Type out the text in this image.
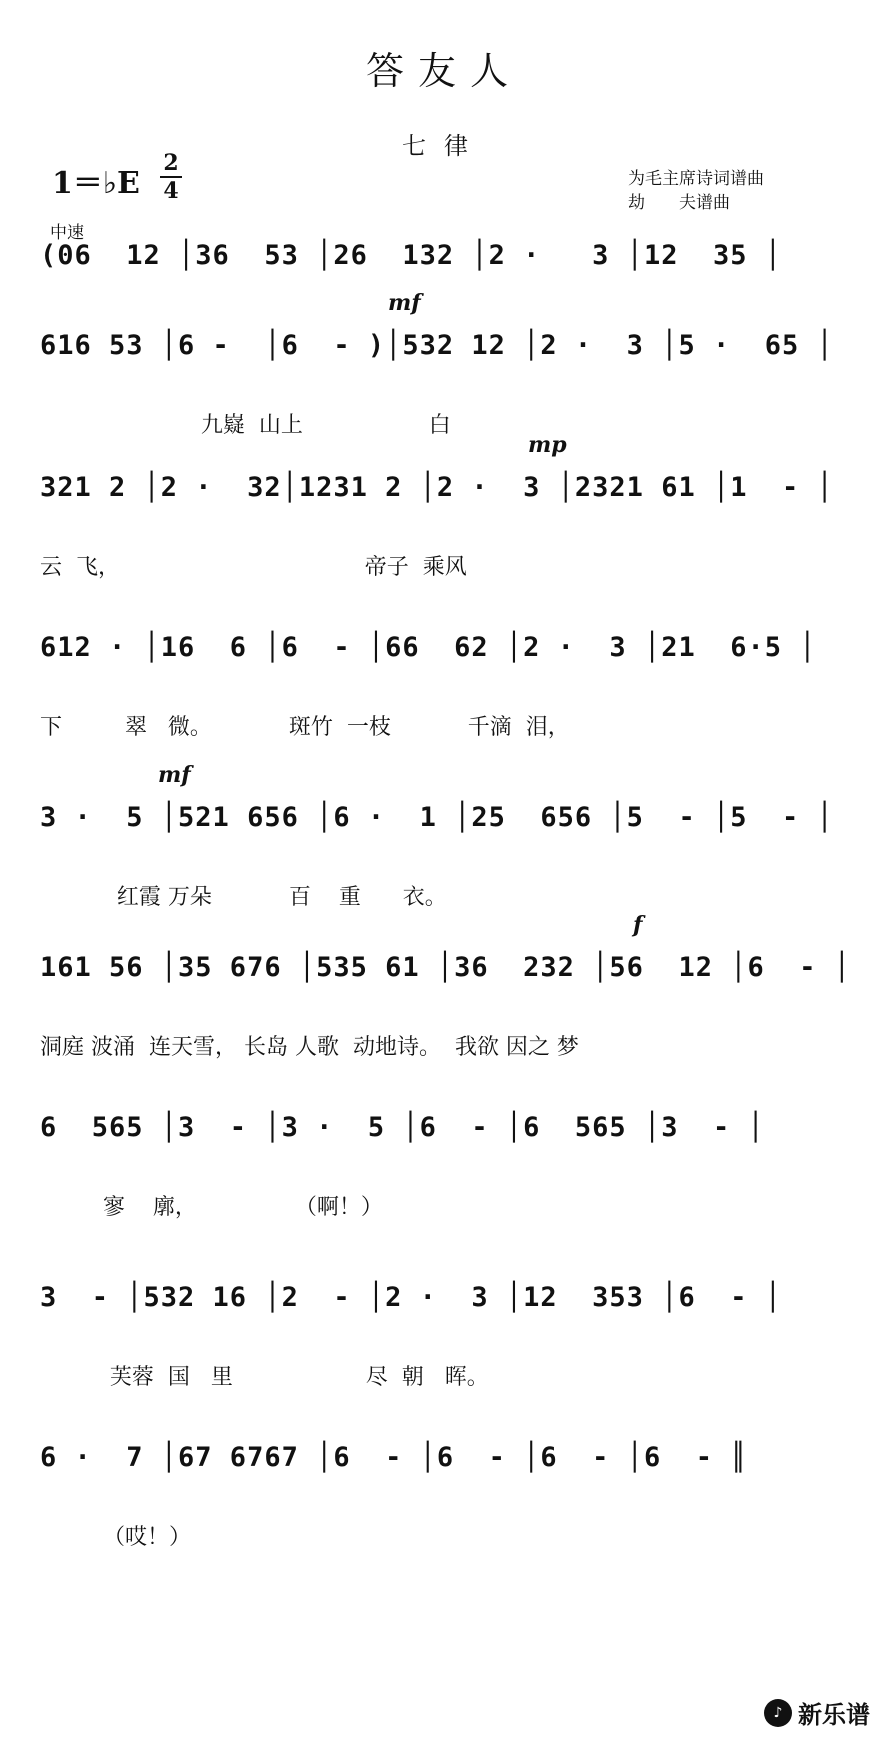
答友人
七律
1＝♭E
2
4	为毛主席诗词谱曲
劫　　夫谱曲
中速
(06  12 │36  53 │26  132 │2 ·   3 │12  35 │
mf
616 53 │6 -  │6  - )│532 12 │2 ·  3 │5 ·  65 │
九嶷  山上                  白
mp
321 2 │2 ·  32│1231 2 │2 ·  3 │2321 61 │1  - │
云  飞，                                   帝子  乘风
612 · │16  6 │6  - │66  62 │2 ·  3 │21  6·5 │
下         翠   微。           斑竹  一枝           千滴  泪，
mf
3 ·  5 │521 656 │6 ·  1 │25  656 │5  - │5  - │
红霞 万朵           百    重      衣。
f
161 56 │35 676 │535 61 │36  232 │56  12 │6  - │
洞庭 波涌  连天雪， 长岛 人歌  动地诗。  我欲 因之 梦
6  565 │3  - │3 ·  5 │6  - │6  565 │3  - │
寥    廓，              （啊！）
3  - │532 16 │2  - │2 ·  3 │12  353 │6  - │
芙蓉  国   里                   尽  朝   晖。
6 ·  7 │67 6767 │6  - │6  - │6  - │6  - ║
（哎！）
♪ 新乐谱
